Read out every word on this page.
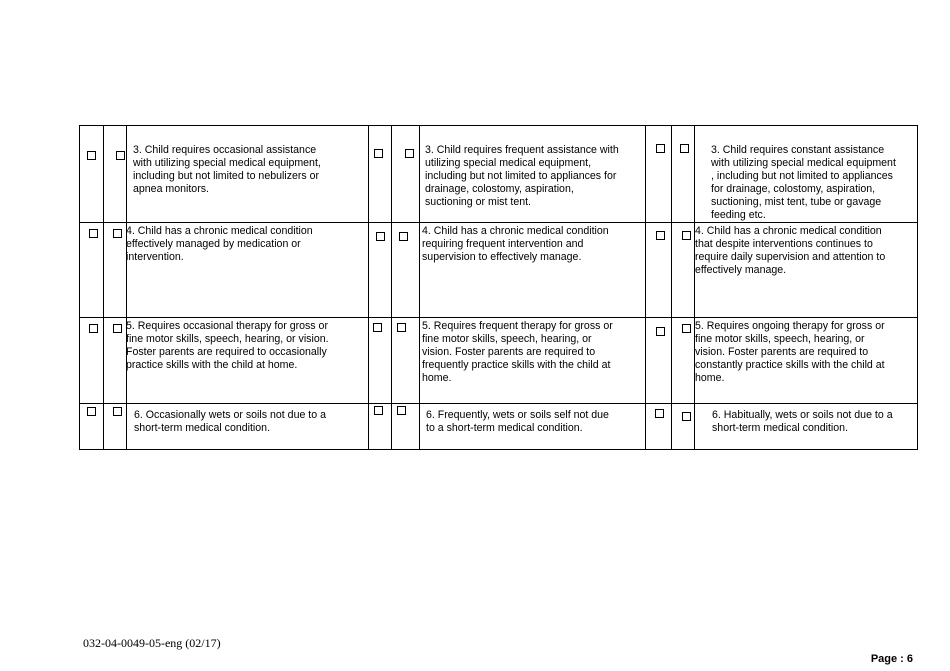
3. Child requires occasional assistance
with utilizing special medical equipment,
including but not limited to nebulizers or
apnea monitors.
3. Child requires frequent assistance with
utilizing special medical equipment,
including but not limited to appliances for
drainage, colostomy, aspiration,
suctioning or mist tent.
3. Child requires constant assistance
with utilizing special medical equipment
, including but not limited to appliances
for drainage, colostomy, aspiration,
suctioning, mist tent, tube or gavage
feeding etc.
4. Child has a chronic medical condition
effectively managed by medication or
intervention.
4. Child has a chronic medical condition
requiring frequent intervention and
supervision to effectively manage.
4. Child has a chronic medical condition
that despite interventions continues to
require daily supervision and attention to
effectively manage.
5. Requires occasional therapy for gross or
fine motor skills, speech, hearing, or vision.
Foster parents are required to occasionally
practice skills with the child at home.
5. Requires frequent therapy for gross or
fine motor skills, speech, hearing, or
vision. Foster parents are required to
frequently practice skills with the child at
home.
5. Requires ongoing therapy for gross or
fine motor skills, speech, hearing, or
vision. Foster parents are required to
constantly practice skills with the child at
home.
6. Occasionally wets or soils not due to a
short-term medical condition.
6. Frequently, wets or soils self not due
to a short-term medical condition.
6. Habitually, wets or soils not due to a
short-term medical condition.
032-04-0049-05-eng (02/17)
Page : 6
